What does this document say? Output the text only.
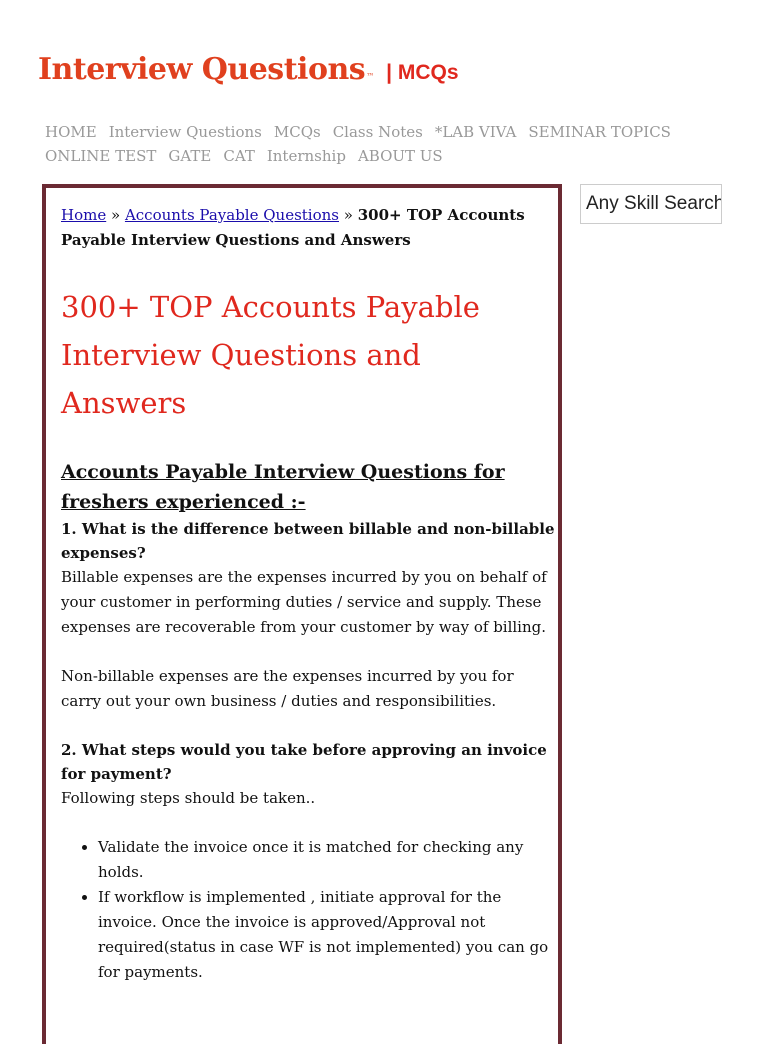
Interview Questions ™ | MCQs
HOME Interview Questions MCQs Class Notes *LAB VIVA SEMINAR TOPICSONLINE TEST GATE CAT Internship ABOUT US
Home » Accounts Payable Questions » 300+ TOP Accounts Payable Interview Questions and Answers
300+ TOP Accounts Payable Interview Questions and Answers
Accounts Payable Interview Questions for freshers experienced :-
1. What is the difference between billable and non-billable expenses?
Billable expenses are the expenses incurred by you on behalf of your customer in performing duties / service and supply. These expenses are recoverable from your customer by way of billing.
Non-billable expenses are the expenses incurred by you for carry out your own business / duties and responsibilities.
2. What steps would you take before approving an invoice for payment?
Following steps should be taken..
• Validate the invoice once it is matched for checking any holds.
• If workflow is implemented , initiate approval for the invoice. Once the invoice is approved/Approval not required(status in case WF is not implemented) you can go for payments.
Any Skill Search
